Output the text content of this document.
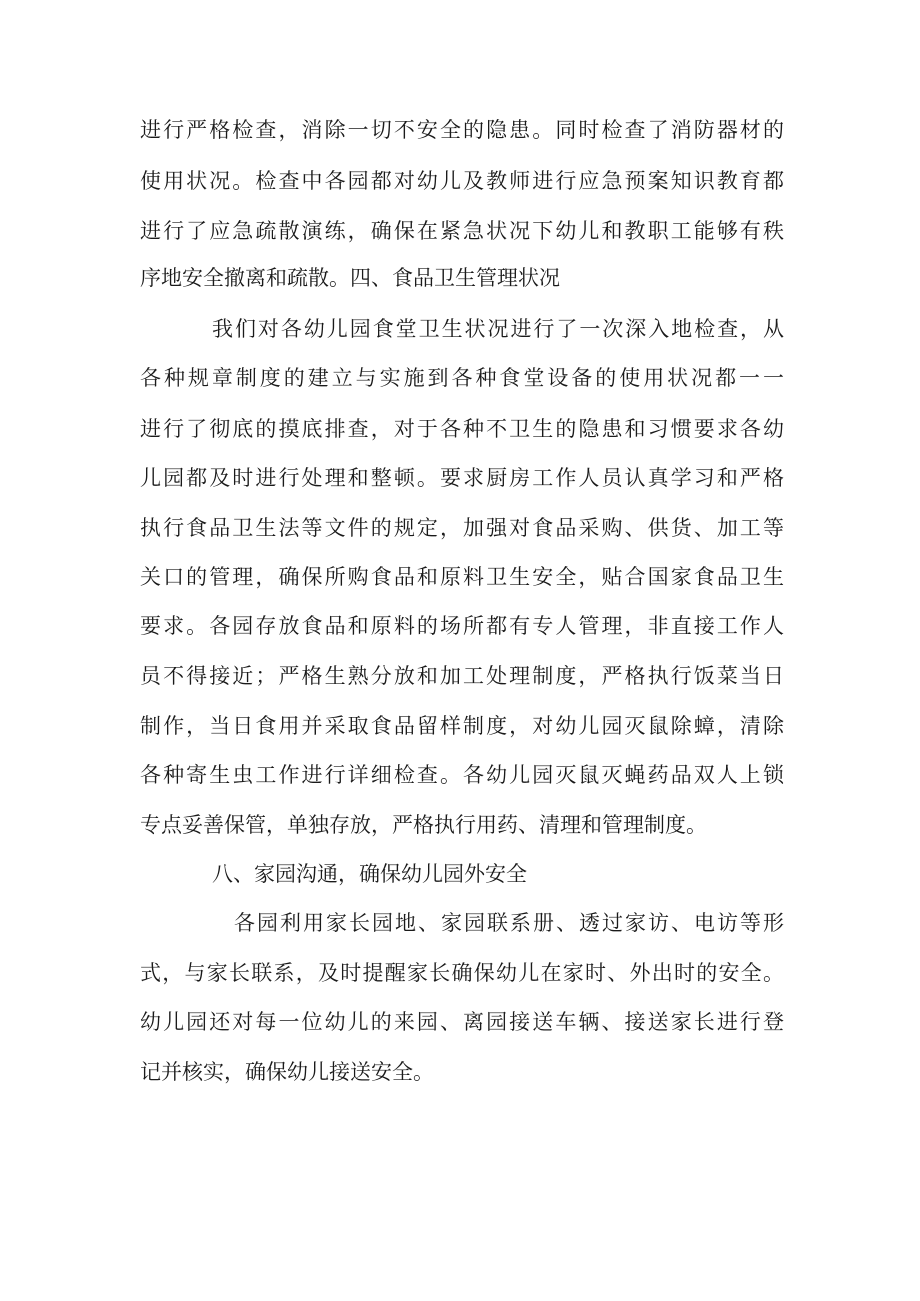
进行严格检查，消除一切不安全的隐患。同时检查了消防器材的
使用状况。检查中各园都对幼儿及教师进行应急预案知识教育都
进行了应急疏散演练，确保在紧急状况下幼儿和教职工能够有秩
序地安全撤离和疏散。四、食品卫生管理状况
我们对各幼儿园食堂卫生状况进行了一次深入地检查，从
各种规章制度的建立与实施到各种食堂设备的使用状况都一一
进行了彻底的摸底排查，对于各种不卫生的隐患和习惯要求各幼
儿园都及时进行处理和整顿。要求厨房工作人员认真学习和严格
执行食品卫生法等文件的规定，加强对食品采购、供货、加工等
关口的管理，确保所购食品和原料卫生安全，贴合国家食品卫生
要求。各园存放食品和原料的场所都有专人管理，非直接工作人
员不得接近；严格生熟分放和加工处理制度，严格执行饭菜当日
制作，当日食用并采取食品留样制度，对幼儿园灭鼠除蟑，清除
各种寄生虫工作进行详细检查。各幼儿园灭鼠灭蝇药品双人上锁
专点妥善保管，单独存放，严格执行用药、清理和管理制度。
八、家园沟通，确保幼儿园外安全
各园利用家长园地、家园联系册、透过家访、电访等形
式，与家长联系，及时提醒家长确保幼儿在家时、外出时的安全。
幼儿园还对每一位幼儿的来园、离园接送车辆、接送家长进行登
记并核实，确保幼儿接送安全。
